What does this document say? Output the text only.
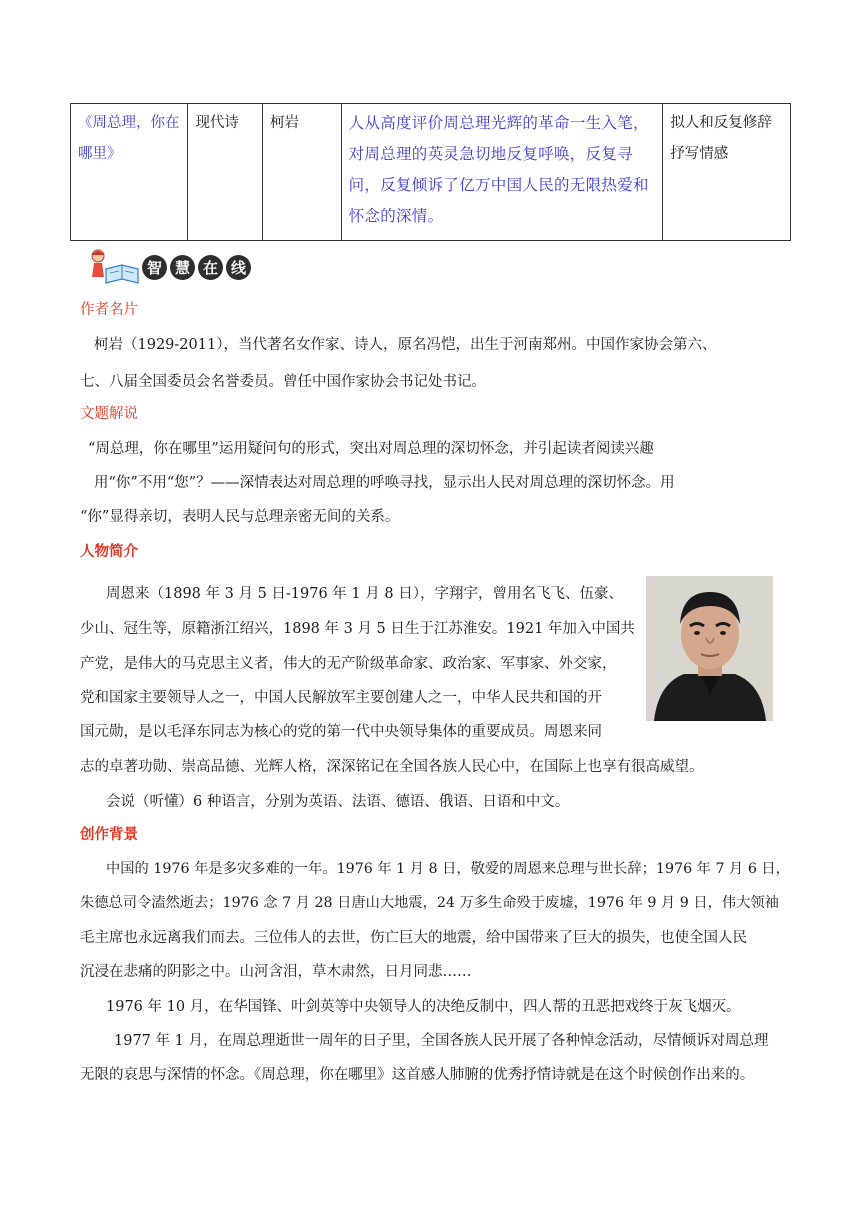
《周总理，你在哪里》	现代诗	柯岩	人从高度评价周总理光辉的革命一生入笔，对周总理的英灵急切地反复呼唤，反复寻问，反复倾诉了亿万中国人民的无限热爱和怀念的深情。	拟人和反复修辞抒写情感
智 慧 在 线
作者名片
柯岩（1929-2011），当代著名女作家、诗人，原名冯恺，出生于河南郑州。中国作家协会第六、
七、八届全国委员会名誉委员。曾任中国作家协会书记处书记。
文题解说
“周总理，你在哪里”运用疑问句的形式，突出对周总理的深切怀念，并引起读者阅读兴趣
用“你”不用“您”？——深情表达对周总理的呼唤寻找，显示出人民对周总理的深切怀念。用
“你”显得亲切，表明人民与总理亲密无间的关系。
人物简介
周恩来（1898 年 3 月 5 日-1976 年 1 月 8 日），字翔宇，曾用名飞飞、伍豪、
少山、冠生等，原籍浙江绍兴，1898 年 3 月 5 日生于江苏淮安。1921 年加入中国共
产党，是伟大的马克思主义者，伟大的无产阶级革命家、政治家、军事家、外交家，
党和国家主要领导人之一，中国人民解放军主要创建人之一，中华人民共和国的开
国元勋，是以毛泽东同志为核心的党的第一代中央领导集体的重要成员。周恩来同
志的卓著功勋、崇高品德、光辉人格，深深铭记在全国各族人民心中，在国际上也享有很高威望。
会说（听懂）6 种语言，分别为英语、法语、德语、俄语、日语和中文。
创作背景
中国的 1976 年是多灾多难的一年。1976 年 1 月 8 日，敬爱的周恩来总理与世长辞；1976 年 7 月 6 日，
朱德总司令溘然逝去；1976 念 7 月 28 日唐山大地震，24 万多生命殁于废墟，1976 年 9 月 9 日，伟大领袖
毛主席也永远离我们而去。三位伟人的去世，伤亡巨大的地震，给中国带来了巨大的损失，也使全国人民
沉浸在悲痛的阴影之中。山河含泪，草木肃然，日月同悲……
1976 年 10 月，在华国锋、叶剑英等中央领导人的决绝反制中，四人帮的丑恶把戏终于灰飞烟灭。
1977 年 1 月，在周总理逝世一周年的日子里，全国各族人民开展了各种悼念活动，尽情倾诉对周总理
无限的哀思与深情的怀念。《周总理，你在哪里》这首感人肺腑的优秀抒情诗就是在这个时候创作出来的。
